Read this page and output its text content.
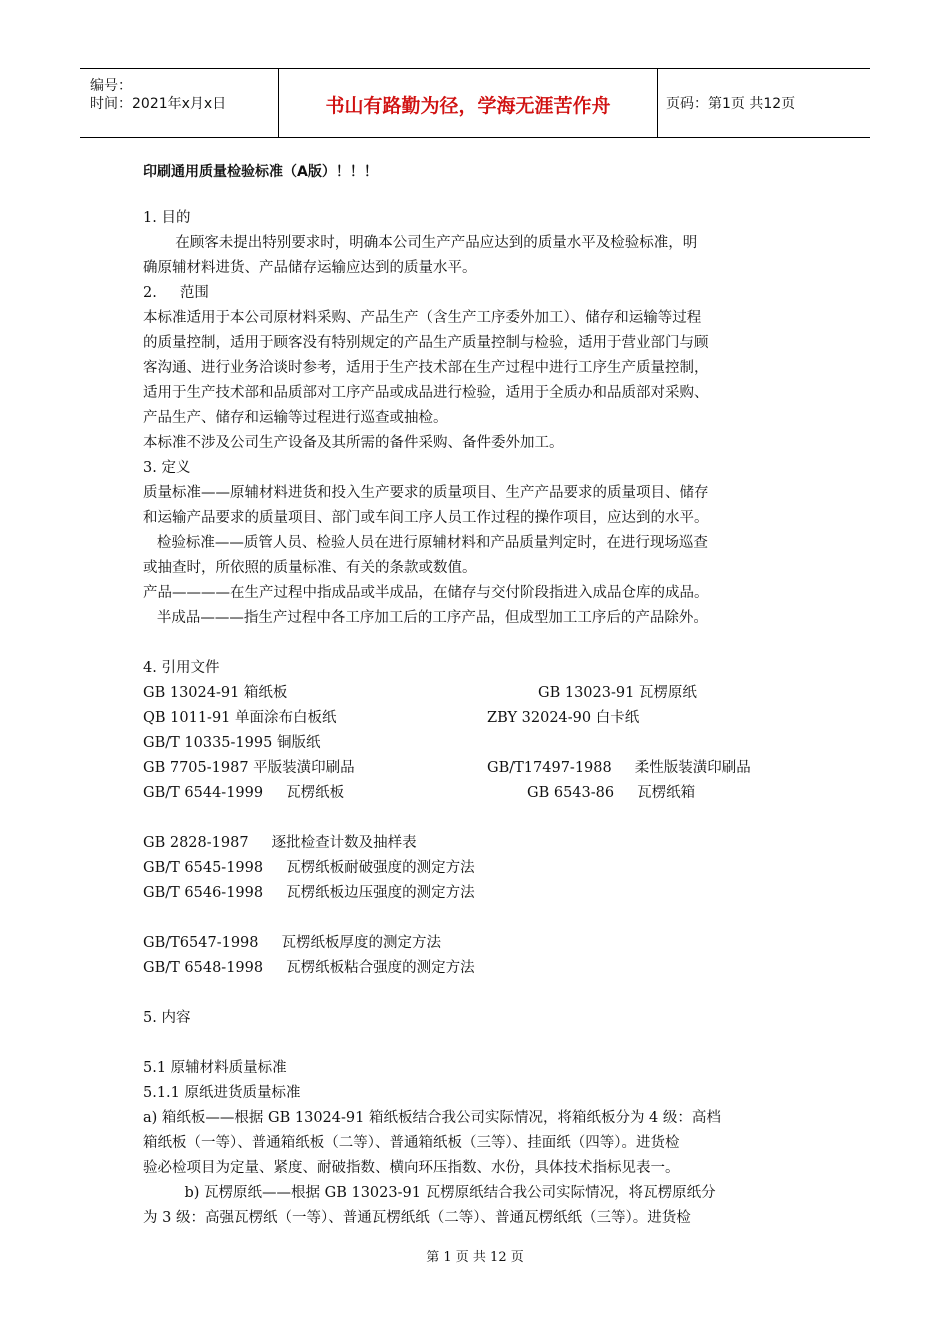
编号：
时间：2021年x月x日	书山有路勤为径，学海无涯苦作舟	页码：第1页 共12页
印刷通用质量检验标准（A版）！！！
1. 目的
在顾客未提出特别要求时，明确本公司生产产品应达到的质量水平及检验标准，明
确原辅材料进货、产品储存运输应达到的质量水平。
2.     范围
本标准适用于本公司原材料采购、产品生产（含生产工序委外加工）、储存和运输等过程
的质量控制，适用于顾客没有特别规定的产品生产质量控制与检验，适用于营业部门与顾
客沟通、进行业务洽谈时参考，适用于生产技术部在生产过程中进行工序生产质量控制，
适用于生产技术部和品质部对工序产品或成品进行检验，适用于全质办和品质部对采购、
产品生产、储存和运输等过程进行巡查或抽检。
本标准不涉及公司生产设备及其所需的备件采购、备件委外加工。
3. 定义
质量标准——原辅材料进货和投入生产要求的质量项目、生产产品要求的质量项目、储存
和运输产品要求的质量项目、部门或车间工序人员工作过程的操作项目，应达到的水平。
检验标准——质管人员、检验人员在进行原辅材料和产品质量判定时，在进行现场巡查
或抽查时，所依照的质量标准、有关的条款或数值。
产品————在生产过程中指成品或半成品，在储存与交付阶段指进入成品仓库的成品。
半成品———指生产过程中各工序加工后的工序产品，但成型加工工序后的产品除外。
4. 引用文件
GB 13024-91 箱纸板
QB 1011-91 单面涂布白板纸
GB/T 10335-1995 铜版纸
GB 7705-1987 平版装潢印刷品
GB/T 6544-1999     瓦楞纸板
GB 13023-91 瓦楞原纸
ZBY 32024-90 白卡纸
GB/T17497-1988     柔性版装潢印刷品
GB 6543-86     瓦楞纸箱
GB 2828-1987     逐批检查计数及抽样表
GB/T 6545-1998     瓦楞纸板耐破强度的测定方法
GB/T 6546-1998     瓦楞纸板边压强度的测定方法
GB/T6547-1998     瓦楞纸板厚度的测定方法
GB/T 6548-1998     瓦楞纸板粘合强度的测定方法
5. 内容
5.1 原辅材料质量标准
5.1.1 原纸进货质量标准
a) 箱纸板——根据 GB 13024-91 箱纸板结合我公司实际情况，将箱纸板分为 4 级：高档
箱纸板（一等）、普通箱纸板（二等）、普通箱纸板（三等）、挂面纸（四等）。进货检
验必检项目为定量、紧度、耐破指数、横向环压指数、水份，具体技术指标见表一。
b) 瓦楞原纸——根据 GB 13023-91 瓦楞原纸结合我公司实际情况，将瓦楞原纸分
为 3 级：高强瓦楞纸（一等）、普通瓦楞纸纸（二等）、普通瓦楞纸纸（三等）。进货检
第 1 页 共 12 页
